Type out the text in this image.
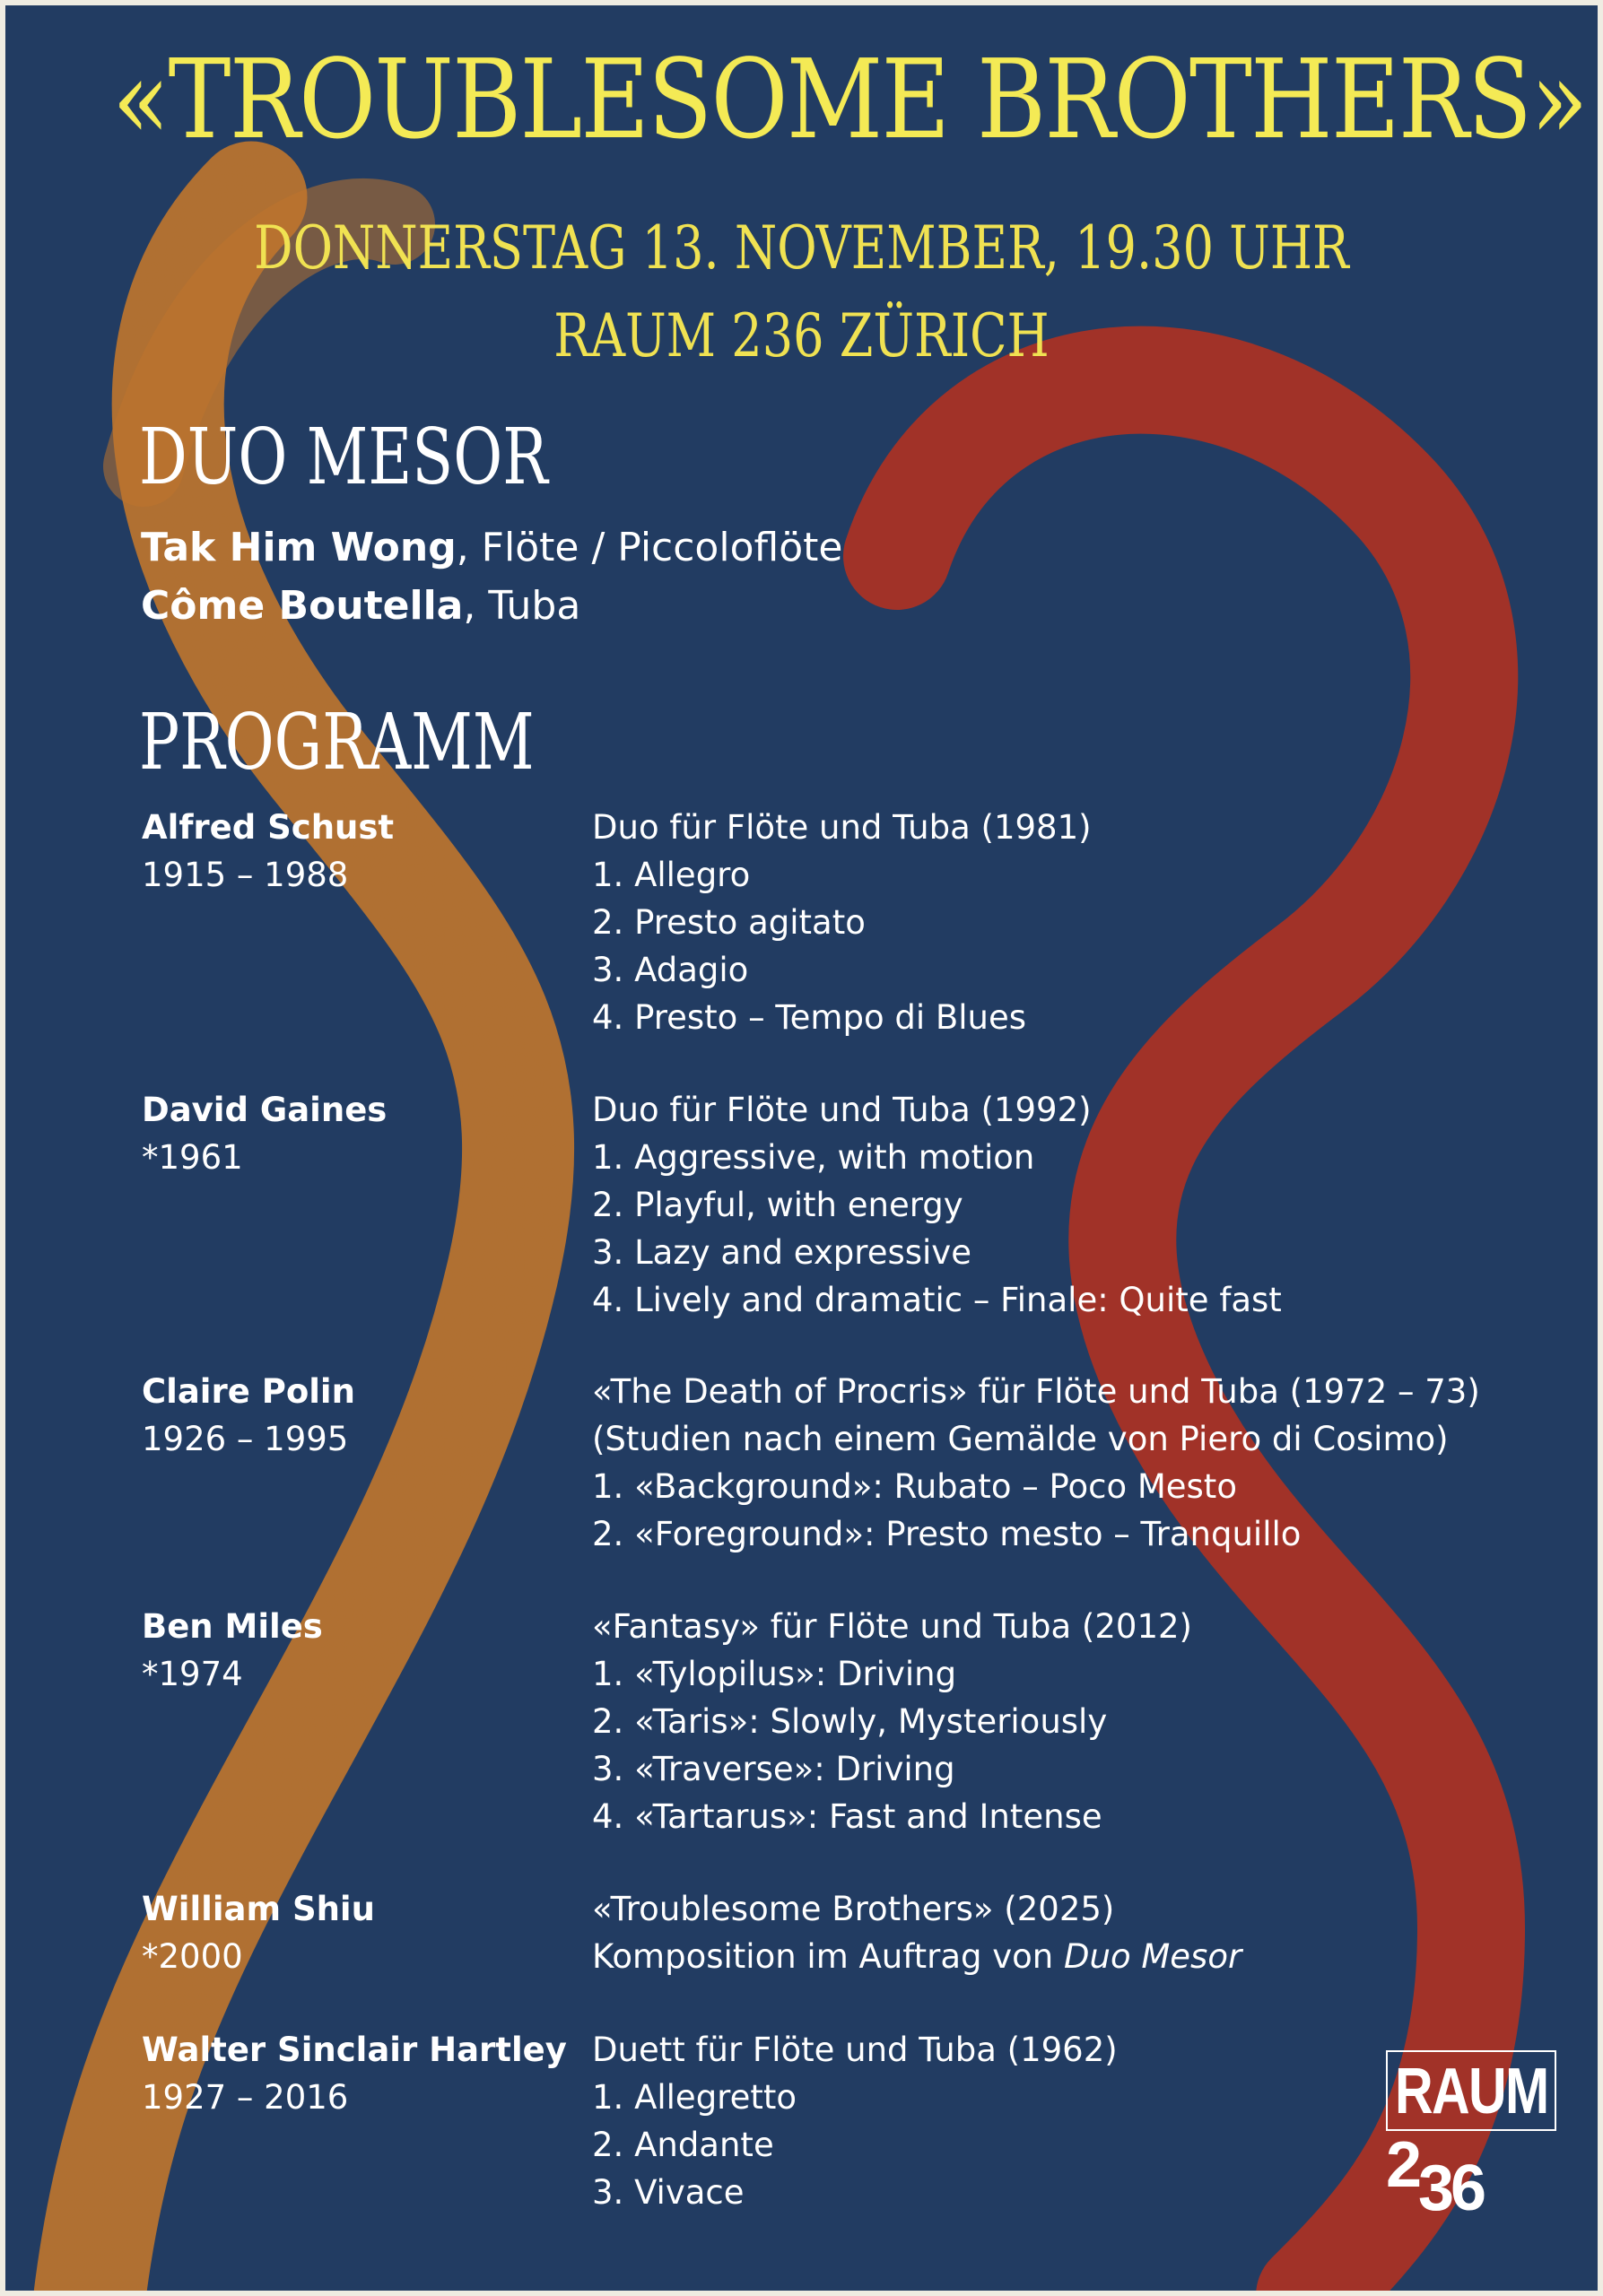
«TROUBLESOME BROTHERS»
DONNERSTAG 13. NOVEMBER, 19.30 UHR
RAUM 236 ZÜRICH
DUO MESOR
Tak Him Wong, Flöte / Piccoloflöte
Côme Boutella, Tuba
PROGRAMM
Alfred Schust
1915 – 1988
Duo für Flöte und Tuba (1981)
1. Allegro
2. Presto agitato
3. Adagio
4. Presto – Tempo di Blues
David Gaines
*1961
Duo für Flöte und Tuba (1992)
1. Aggressive, with motion
2. Playful, with energy
3. Lazy and expressive
4. Lively and dramatic – Finale: Quite fast
Claire Polin
1926 – 1995
«The Death of Procris» für Flöte und Tuba (1972 – 73)
(Studien nach einem Gemälde von Piero di Cosimo)
1. «Background»: Rubato – Poco Mesto
2. «Foreground»: Presto mesto – Tranquillo
Ben Miles
*1974
«Fantasy» für Flöte und Tuba (2012)
1. «Tylopilus»: Driving
2. «Taris»: Slowly, Mysteriously
3. «Traverse»: Driving
4. «Tartarus»: Fast and Intense
William Shiu
*2000
«Troublesome Brothers» (2025)
Komposition im Auftrag von Duo Mesor
Walter Sinclair Hartley
1927 – 2016
Duett für Flöte und Tuba (1962)
1. Allegretto
2. Andante
3. Vivace
RAUM
2
36
